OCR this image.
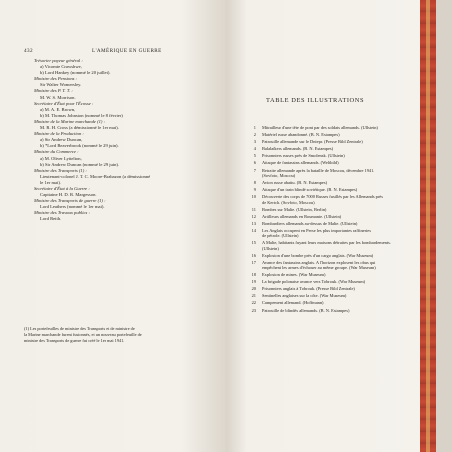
432	L'AMÉRIQUE EN GUERRE
Trésorier payeur général :
a) Vicomte Crawshwe,
b) Lord Hankey (nommé le 20 juillet).
Ministre des Pensions :
Sir Walter Womersley.
Ministre des P. T. T. :
M. W. S. Morrison.
Secrétaire d'État pour l'Écosse :
a) M. A. E. Brown,
b) M. Thomas Johnston (nommé le 8 février)
Ministre de la Marine marchande (1) :
M. R. H. Cross (a démissionné le 1er mai).
Ministre de la Production :
a) Sir Andrew Duncan,
b) *Lord Beaverbrook (nommé le 29 juin).
Ministre du Commerce :
a) M. Oliver Lyttelton,
b) Sir Andrew Duncan (nommé le 29 juin).
Ministre des Transports (1) :
Lieutenant-colonel J. T. C. Moore-Brabazon (a démissionné
le 1er mai).
Secrétaire d'État à la Guerre :
Capitaine H. D. R. Margesson.
Ministre des Transports de guerre (1) :
Lord Leathers (nommé le 1er mai).
Ministre des Travaux publics :
Lord Reith.
(1) Les portefeuilles de ministre des Transports et de ministre de
la Marine marchande furent fusionnés, et un nouveau portefeuille de
ministre des Transports de guerre fut créé le 1er mai 1941.
TABLE DES ILLUSTRATIONS
1 Mitrailleur d'une tête de pont par des soldats allemands. (Ullstein)
2 Matériel russe abandonné. (B. N. Estampes)
3 Patrouille allemande sur le Dniepr. (Presse Bild Zentrale)
4 Balalaïkers allemands. (B. N. Estampes)
5 Prisonniers russes près de Smolensk. (Ullstein)
6 Attaque de fantassins allemands. (Weltbild)
7 Retraite allemande après la bataille de Moscou, décembre 1941.
(Sovfoto, Moscou)
8 Avion russe abattu. (B. N. Estampes)
9 Attaque d'un train blindé soviétique. (B. N. Estampes)
10 Découverte des corps de 7000 Russes fusillés par les Allemands près
de Kertch. (Sovfoto, Moscou)
11 Bombes sur Malte. (Ullstein, Berlin)
12 Artilleurs allemands en Roumanie. (Ullstein)
13 Bombardiers allemands au-dessus de Malte. (Ullstein)
14 Les Anglais occupent en Perse les plus importantes raffineries
de pétrole. (Ullstein)
15 A Malte, habitants fuyant leurs maisons détruites par les bombardements.
(Ullstein)
16 Explosion d'une bombe près d'un cargo anglais. (War Museum)
17 Avance des fantassins anglais. A l'horizon explosent les obus qui
empêchent les armes d'échouer au même groupe. (War Museum)
18 Explosion de mines. (War Museum)
19 La brigade polonaise avance vers Tobrouk. (War Museum)
20 Prisonniers anglais à Tobrouk. (Presse Bild Zentrale)
21 Sentinelles anglaises sur la côte. (War Museum)
22 Campement allemand. (Hoffmann)
23 Patrouille de blindés allemands. (B. N. Estampes)
